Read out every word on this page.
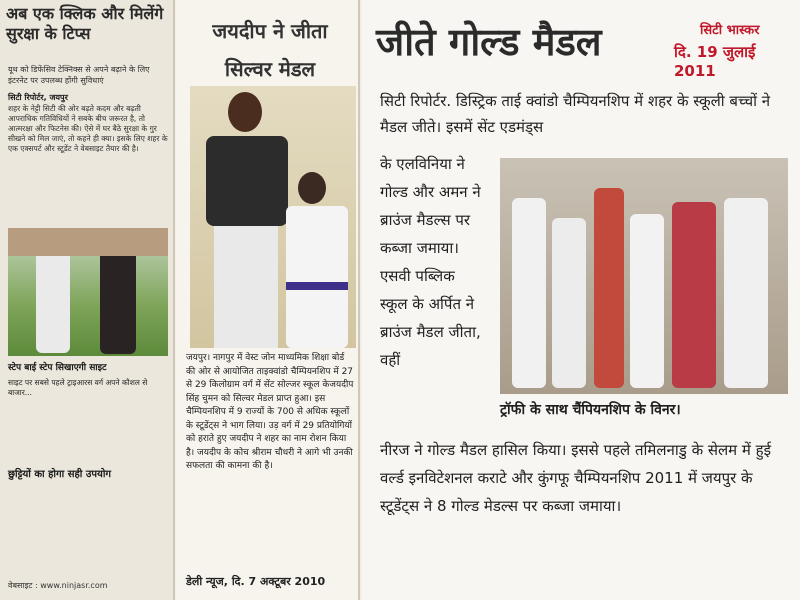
अब एक क्लिक और मिलेंगे सुरक्षा के टिप्स
यूथ को डिफेंसिव टेक्निक्स से अपने बढ़ाने के लिए इंटरनेट पर उपलब्ध होंगी सुविधाएं
सिटी रिपोर्टर, जयपुर
शहर के नेट्टी सिटी की ओर बढ़ते कदम और बढ़ती आपराधिक गतिविधियों ने सबके बीच जरूरत है, तो आत्मरक्षा और फिटनेस की। ऐसे में घर बैठे सुरक्षा के गुर सीखने को मिल जाएं, तो कहने ही क्या। इसके लिए शहर के एक एक्सपर्ट और स्टूडेंट ने वेबसाइट तैयार की है।
स्टेप बाई स्टेप सिखाएगी साइट
साइट पर सबसे पहले ट्राइआरस वर्ग अपने कौशल से बाजार...
छुट्टियों का होगा सही उपयोग
वेबसाइट : www.ninjasr.com
जयदीप ने जीता सिल्वर मेडल
जयपुर। नागपुर में वेस्ट जोन माध्यमिक शिक्षा बोर्ड की ओर से आयोजित ताइक्वांडो चैम्पियनशिप में 27 से 29 किलोग्राम वर्ग में सेंट सोल्जर स्कूल केजयदीप सिंह चुमन को सिल्वर मेडल प्राप्त हुआ। इस चैम्पियनशिप में 9 राज्यों के 700 से अधिक स्कूलों के स्टूडेंट्स ने भाग लिया। उड़ वर्ग में 29 प्रतियोगियों को हराते हुए जयदीप ने शहर का नाम रोशन किया है। जयदीप के कोच श्रीराम चौधरी ने आगे भी उनकी सफलता की कामना की है।
डेली न्यूज, दि. 7 अक्टूबर 2010
सिटी भास्कर
दि. 19 जुलाई 2011
जीते गोल्ड मैडल
सिटी रिपोर्टर. डिस्ट्रिक ताई क्वांडो चैम्पियनशिप में शहर के स्कूली बच्चों ने मैडल जीते। इसमें सेंट एडमंड्स
के एलविनिया ने गोल्ड और अमन ने ब्राउंज मैडल्स पर कब्जा जमाया। एसवी पब्लिक स्कूल के अर्पित ने ब्राउंज मैडल जीता, वहीं
ट्रॉफी के साथ चैंपियनशिप के विनर।
नीरज ने गोल्ड मैडल हासिल किया। इससे पहले तमिलनाडु के सेलम में हुई वर्ल्ड इनविटेशनल कराटे और कुंगफू चैम्पियनशिप 2011 में जयपुर के स्टूडेंट्स ने 8 गोल्ड मेडल्स पर कब्जा जमाया।
